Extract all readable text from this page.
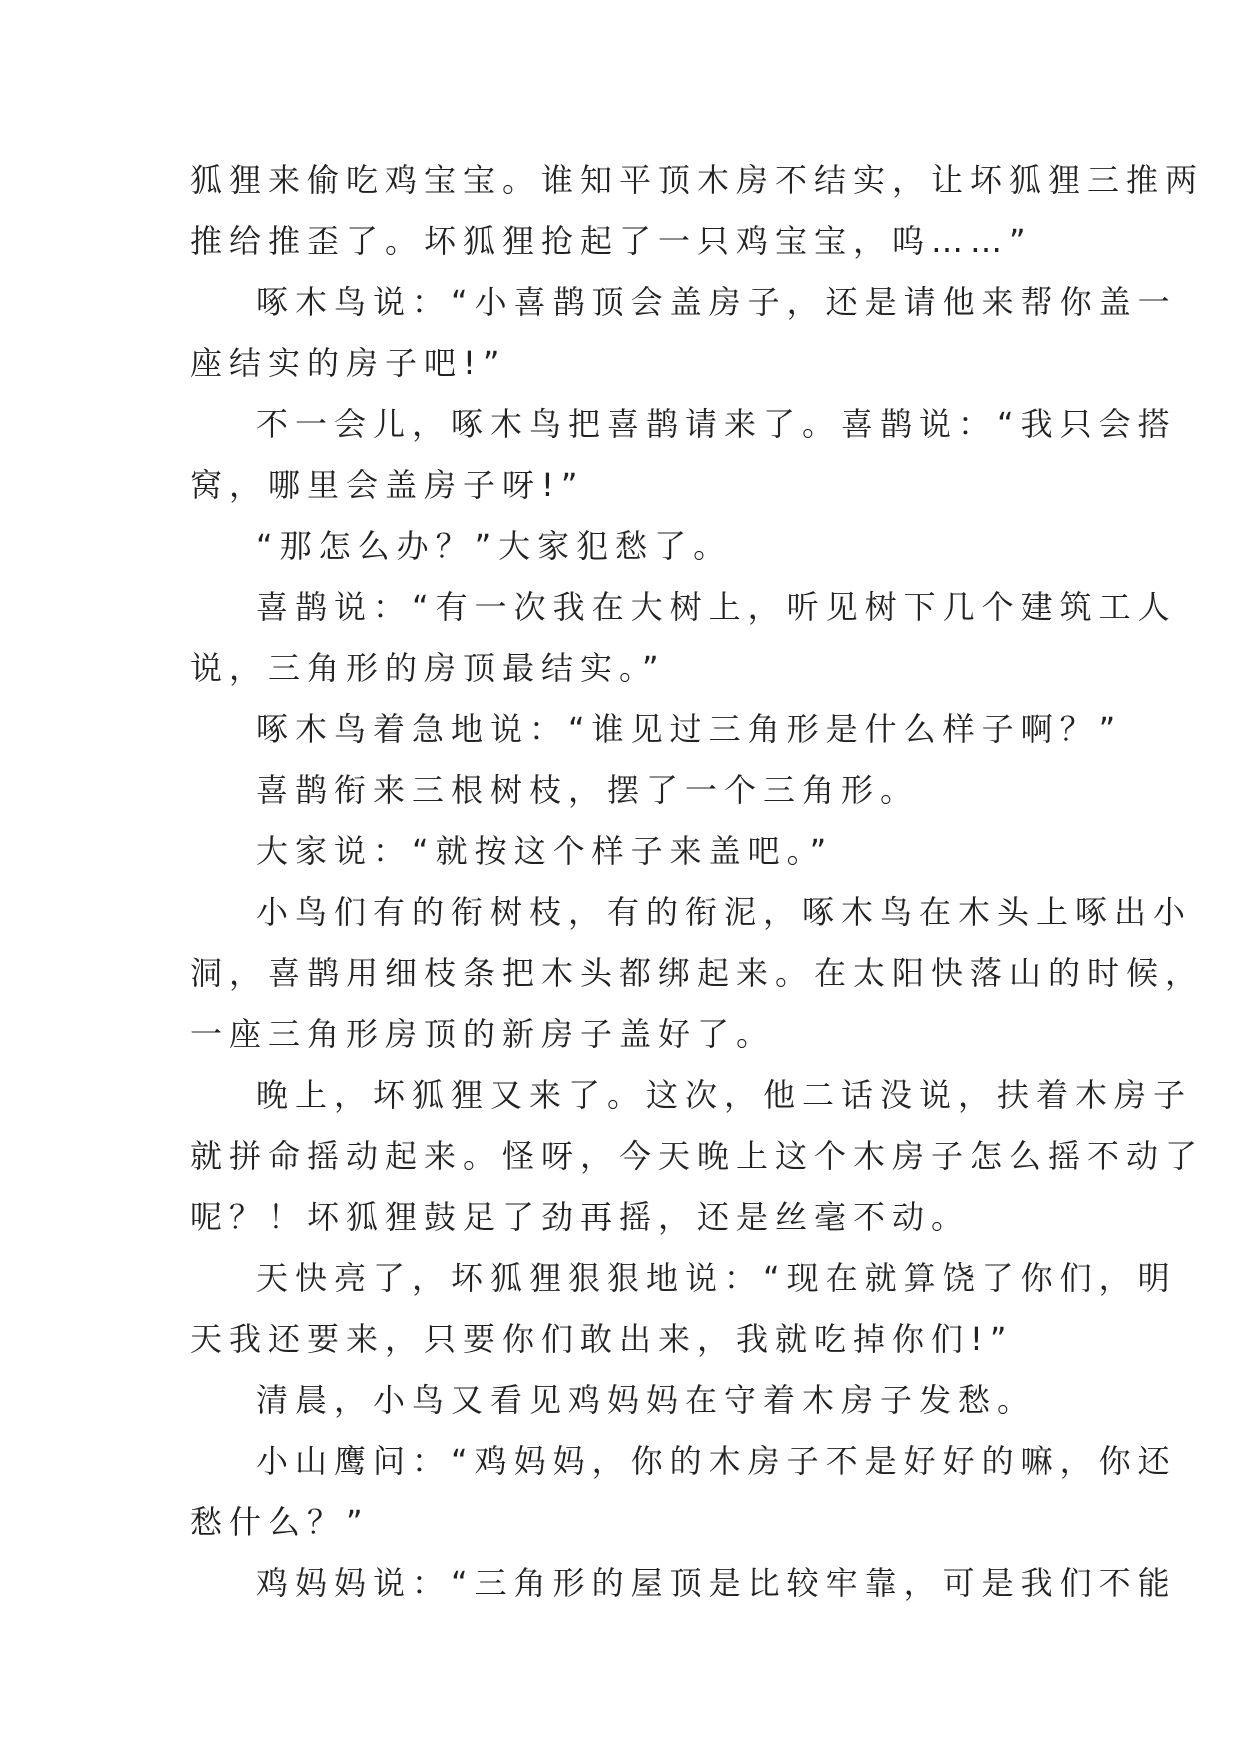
狐狸来偷吃鸡宝宝。谁知平顶木房不结实，让坏狐狸三推两
推给推歪了。坏狐狸抢起了一只鸡宝宝，呜……”

啄木鸟说：“小喜鹊顶会盖房子，还是请他来帮你盖一
座结实的房子吧!”

不一会儿，啄木鸟把喜鹊请来了。喜鹊说：“我只会搭
窝，哪里会盖房子呀!”

“那怎么办？”大家犯愁了。

喜鹊说：“有一次我在大树上，听见树下几个建筑工人
说，三角形的房顶最结实。”

啄木鸟着急地说：“谁见过三角形是什么样子啊？”

喜鹊衔来三根树枝，摆了一个三角形。

大家说：“就按这个样子来盖吧。”

小鸟们有的衔树枝，有的衔泥，啄木鸟在木头上啄出小
洞，喜鹊用细枝条把木头都绑起来。在太阳快落山的时候，
一座三角形房顶的新房子盖好了。

晚上，坏狐狸又来了。这次，他二话没说，扶着木房子
就拼命摇动起来。怪呀，今天晚上这个木房子怎么摇不动了
呢？！坏狐狸鼓足了劲再摇，还是丝毫不动。

天快亮了，坏狐狸狠狠地说：“现在就算饶了你们，明
天我还要来，只要你们敢出来，我就吃掉你们!”

清晨，小鸟又看见鸡妈妈在守着木房子发愁。

小山鹰问：“鸡妈妈，你的木房子不是好好的嘛，你还
愁什么？”

鸡妈妈说：“三角形的屋顶是比较牢靠，可是我们不能
